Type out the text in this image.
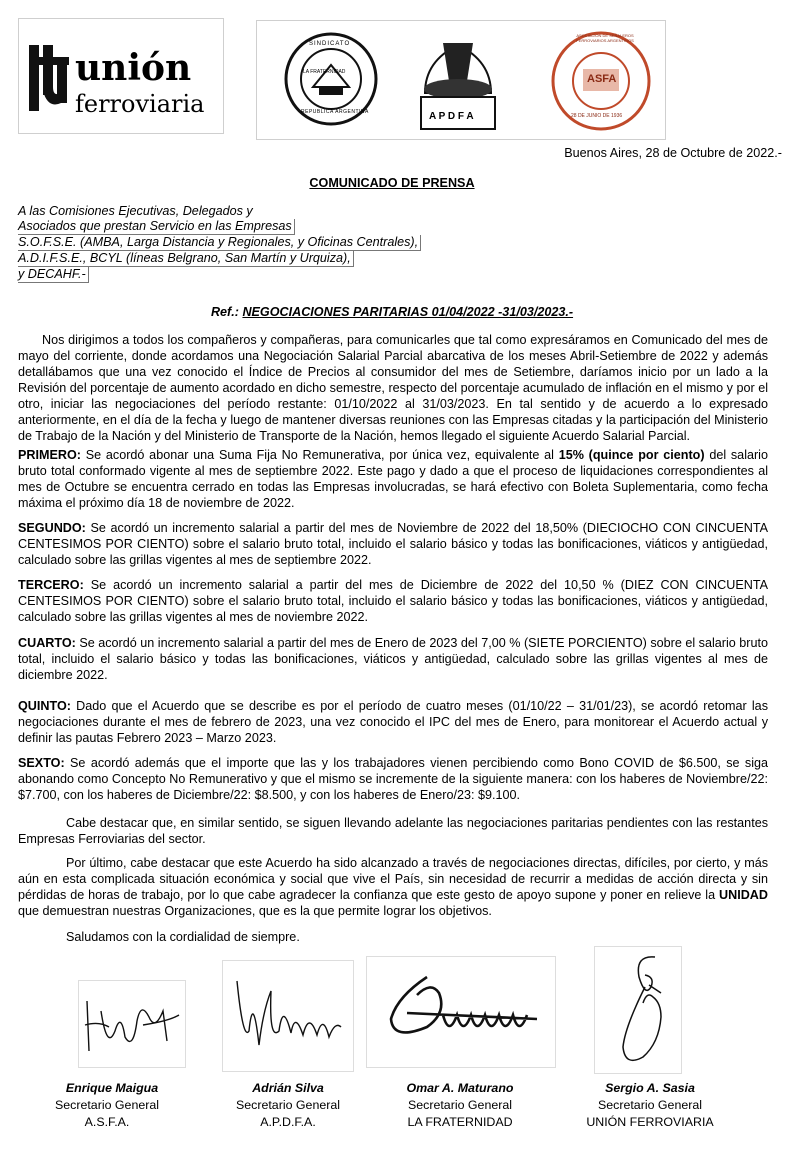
unión
ferroviaria
SINDICATO
LA FRATERNIDAD
REPUBLICA ARGENTINA	A P D F A
ASFA
ASOCIACION DE SEÑALEROS FERROVIARIOS ARGENTINOS
28 DE JUNIO DE 1936
Buenos Aires, 28 de Octubre de 2022.-
COMUNICADO DE PRENSA
A las Comisiones Ejecutivas, Delegados y
Asociados que prestan Servicio en las Empresas
S.O.F.S.E. (AMBA, Larga Distancia y Regionales, y Oficinas Centrales),
A.D.I.F.S.E., BCYL (líneas Belgrano, San Martín y Urquiza),
y DECAHF.-
Ref.: NEGOCIACIONES PARITARIAS 01/04/2022 -31/03/2023.-
Nos dirigimos a todos los compañeros y compañeras, para comunicarles que tal como expresáramos en Comunicado del mes de mayo del corriente, donde acordamos una Negociación Salarial Parcial abarcativa de los meses Abril-Setiembre de 2022 y además detallábamos que una vez conocido el Índice de Precios al consumidor del mes de Setiembre, daríamos inicio por un lado a la Revisión del porcentaje de aumento acordado en dicho semestre, respecto del porcentaje acumulado de inflación en el mismo y por el otro, iniciar las negociaciones del período restante: 01/10/2022 al 31/03/2023. En tal sentido y de acuerdo a lo expresado anteriormente, en el día de la fecha y luego de mantener diversas reuniones con las Empresas citadas y la participación del Ministerio de Trabajo de la Nación y del Ministerio de Transporte de la Nación, hemos llegado el siguiente Acuerdo Salarial Parcial.
PRIMERO: Se acordó abonar una Suma Fija No Remunerativa, por única vez, equivalente al 15% (quince por ciento) del salario bruto total conformado vigente al mes de septiembre 2022. Este pago y dado a que el proceso de liquidaciones correspondientes al mes de Octubre se encuentra cerrado en todas las Empresas involucradas, se hará efectivo con Boleta Suplementaria, como fecha máxima el próximo día 18 de noviembre de 2022.
SEGUNDO: Se acordó un incremento salarial a partir del mes de Noviembre de 2022 del 18,50% (DIECIOCHO CON CINCUENTA CENTESIMOS POR CIENTO) sobre el salario bruto total, incluido el salario básico y todas las bonificaciones, viáticos y antigüedad, calculado sobre las grillas vigentes al mes de septiembre 2022.
TERCERO: Se acordó un incremento salarial a partir del mes de Diciembre de 2022 del 10,50 % (DIEZ CON CINCUENTA CENTESIMOS POR CIENTO) sobre el salario bruto total, incluido el salario básico y todas las bonificaciones, viáticos y antigüedad, calculado sobre las grillas vigentes al mes de noviembre 2022.
CUARTO: Se acordó un incremento salarial a partir del mes de Enero de 2023 del 7,00 % (SIETE PORCIENTO) sobre el salario bruto total, incluido el salario básico y todas las bonificaciones, viáticos y antigüedad, calculado sobre las grillas vigentes al mes de diciembre 2022.
QUINTO: Dado que el Acuerdo que se describe es por el período de cuatro meses (01/10/22 – 31/01/23), se acordó retomar las negociaciones durante el mes de febrero de 2023, una vez conocido el IPC del mes de Enero, para monitorear el Acuerdo actual y definir las pautas Febrero 2023 – Marzo 2023.
SEXTO: Se acordó además que el importe que las y los trabajadores vienen percibiendo como Bono COVID de $6.500, se siga abonando como Concepto No Remunerativo y que el mismo se incremente de la siguiente manera: con los haberes de Noviembre/22: $7.700, con los haberes de Diciembre/22: $8.500, y con los haberes de Enero/23: $9.100.
Cabe destacar que, en similar sentido, se siguen llevando adelante las negociaciones paritarias pendientes con las restantes Empresas Ferroviarias del sector.
Por último, cabe destacar que este Acuerdo ha sido alcanzado a través de negociaciones directas, difíciles, por cierto, y más aún en esta complicada situación económica y social que vive el País, sin necesidad de recurrir a medidas de acción directa y sin pérdidas de horas de trabajo, por lo que cabe agradecer la confianza que este gesto de apoyo supone y poner en relieve la UNIDAD que demuestran nuestras Organizaciones, que es la que permite lograr los objetivos.
Saludamos con la cordialidad de siempre.
Enrique Maigua
Secretario General
A.S.F.A.
Adrián Silva
Secretario General
A.P.D.F.A.
Omar A. Maturano
Secretario General
LA FRATERNIDAD
Sergio A. Sasia
Secretario General
UNIÓN FERROVIARIA
